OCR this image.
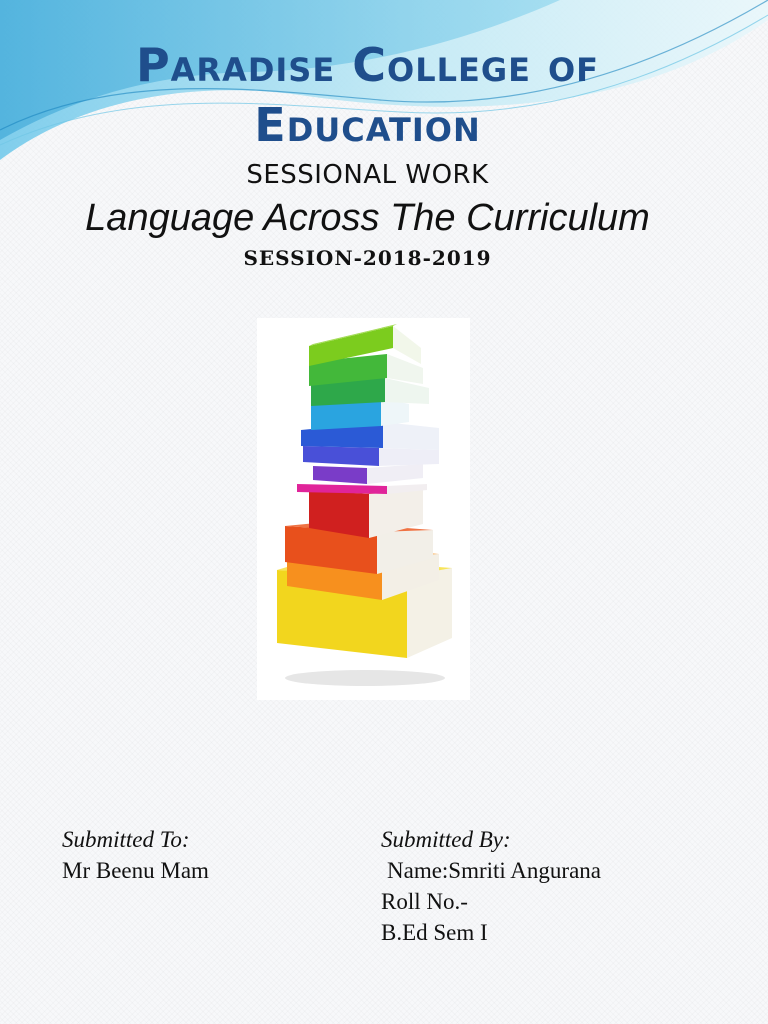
Paradise College of
Education
SESSIONAL WORK
Language Across The Curriculum
SESSION-2018-2019
Submitted To:
Mr Beenu Mam
Submitted By:
Name:Smriti Angurana
Roll No.-
B.Ed Sem I
